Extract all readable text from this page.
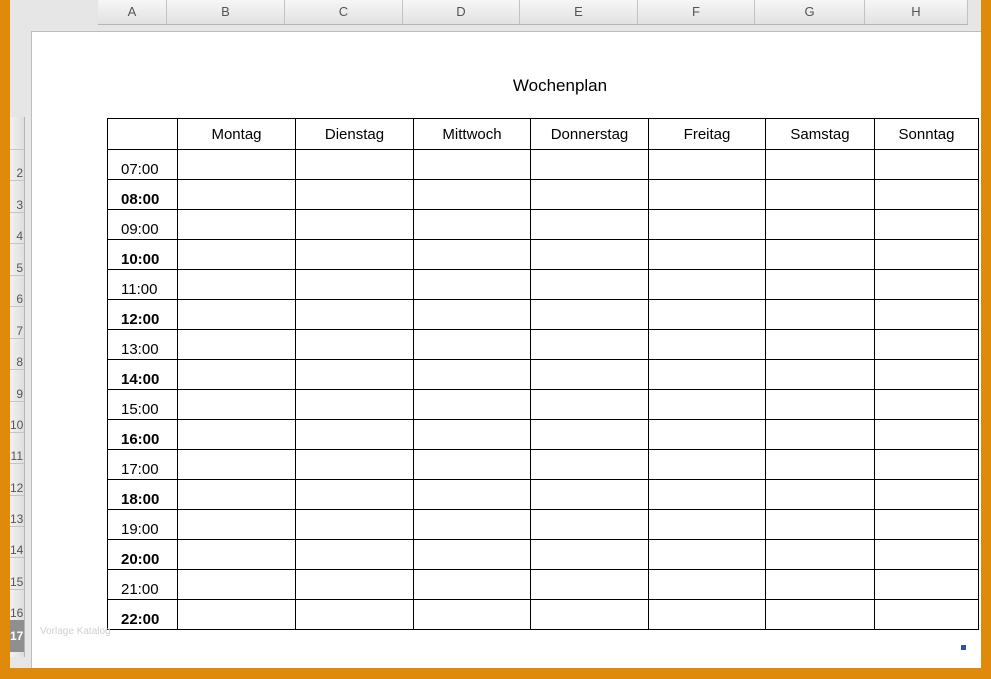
A	B	C	D	E	F	G	H
2
3
4
5
6
7
8
9
10
11
12
13
14
15
16
17
Wochenplan
	Montag	Dienstag	Mittwoch	Donnerstag	Freitag	Samstag	Sonntag
07:00							
08:00							
09:00							
10:00							
11:00							
12:00							
13:00							
14:00							
15:00							
16:00							
17:00							
18:00							
19:00							
20:00							
21:00							
22:00							
Vorlage Katalog
